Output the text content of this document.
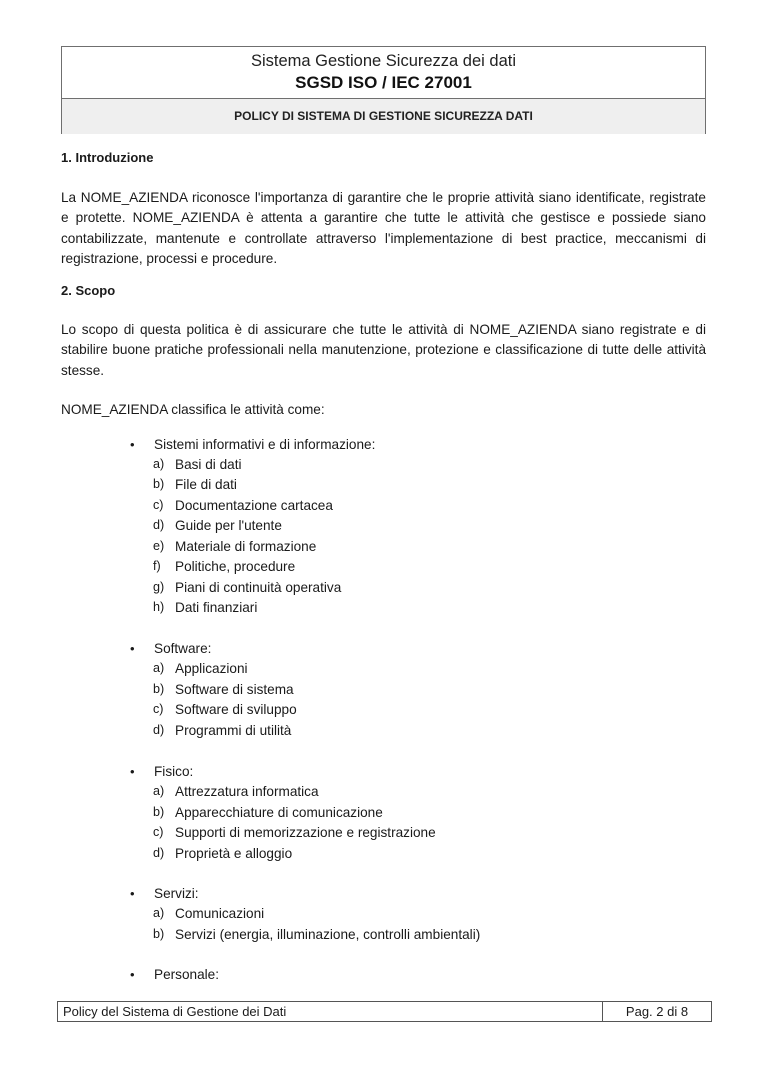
Sistema Gestione Sicurezza dei dati
SGSD ISO / IEC 27001
POLICY DI SISTEMA DI GESTIONE SICUREZZA DATI
1. Introduzione
La NOME_AZIENDA riconosce l'importanza di garantire che le proprie attività siano identificate, registrate e protette. NOME_AZIENDA è attenta a garantire che tutte le attività che gestisce e possiede siano contabilizzate, mantenute e controllate attraverso l'implementazione di best practice, meccanismi di registrazione, processi e procedure.
2. Scopo
Lo scopo di questa politica è di assicurare che tutte le attività di NOME_AZIENDA siano registrate e di stabilire buone pratiche professionali nella manutenzione, protezione e classificazione di tutte delle attività stesse.
NOME_AZIENDA classifica le attività come:
• Sistemi informativi e di informazione:
a) Basi di dati
b) File di dati
c) Documentazione cartacea
d) Guide per l'utente
e) Materiale di formazione
f) Politiche, procedure
g) Piani di continuità operativa
h) Dati finanziari
• Software:
a) Applicazioni
b) Software di sistema
c) Software di sviluppo
d) Programmi di utilità
• Fisico:
a) Attrezzatura informatica
b) Apparecchiature di comunicazione
c) Supporti di memorizzazione e registrazione
d) Proprietà e alloggio
• Servizi:
a) Comunicazioni
b) Servizi (energia, illuminazione, controlli ambientali)
• Personale:
Policy del Sistema di Gestione dei Dati	Pag. 2 di 8
